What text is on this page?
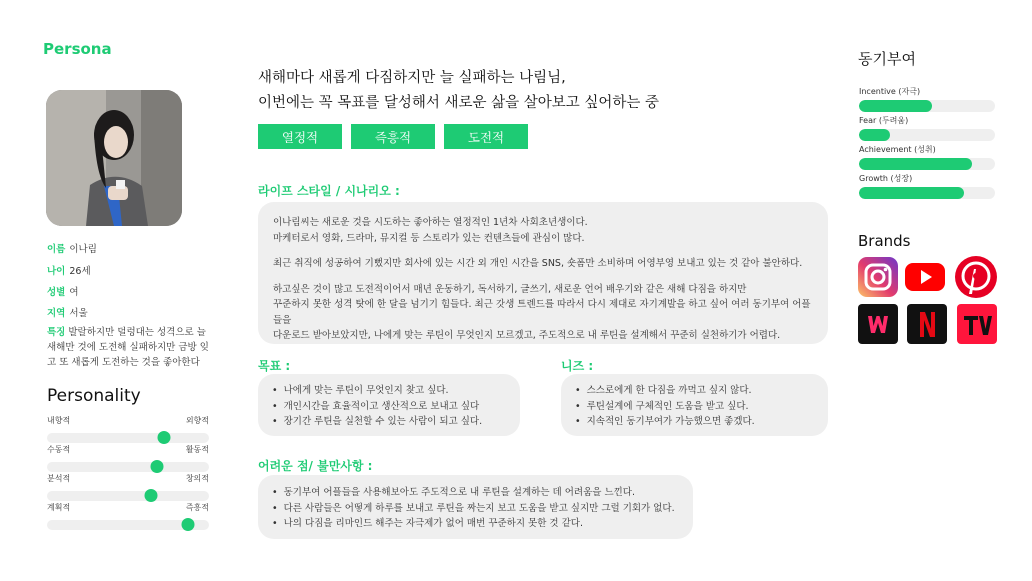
Persona
이름 이나림
나이 26세
성별 여
지역 서울
특징 발랄하지만 덜렁대는 성격으로 늘 새해만 것에 도전해 실패하지만 금방 잊고 또 새롭게 도전하는 것을 좋아한다
Personality
내향적	외향적
수동적	활동적
분석적	창의적
계획적	즉흥적
새해마다 새롭게 다짐하지만 늘 실패하는 나림님,
이번에는 꼭 목표를 달성해서 새로운 삶을 살아보고 싶어하는 중
열정적	즉흥적	도전적
라이프 스타일 / 시나리오 :

이나림씨는 새로운 것을 시도하는 좋아하는 열정적인 1년차 사회초년생이다.
마케터로서 영화, 드라마, 뮤지컬 등 스토리가 있는 컨텐츠들에 관심이 많다.

최근 취직에 성공하여 기뻤지만 회사에 있는 시간 외 개인 시간을 SNS, 숏폼만 소비하며 어영부영 보내고 있는 것 같아 불안하다.

하고싶은 것이 많고 도전적이어서 매년 운동하기, 독서하기, 글쓰기, 새로운 언어 배우기와 같은 새해 다짐을 하지만
꾸준하지 못한 성격 탓에 한 달을 넘기기 힘들다. 최근 갓생 트렌드를 따라서 다시 제대로 자기계발을 하고 싶어 여러 동기부여 어플들을
다운로드 받아보았지만, 나에게 맞는 루틴이 무엇인지 모르겠고, 주도적으로 내 루틴을 설계해서 꾸준히 실천하기가 어렵다.

목표 :
• 나에게 맞는 루틴이 무엇인지 찾고 싶다.
• 개인시간을 효율적이고 생산적으로 보내고 싶다
• 장기간 루틴을 실천할 수 있는 사람이 되고 싶다.
니즈 :
• 스스로에게 한 다짐을 까먹고 싶지 않다.
• 루틴설계에 구체적인 도움을 받고 싶다.
• 지속적인 동기부여가 가능했으면 좋겠다.
어려운 점/ 불만사항 :
• 동기부여 어플들을 사용해보아도 주도적으로 내 루틴을 설계하는 데 어려움을 느낀다.
• 다른 사람들은 어떻게 하루를 보내고 루틴을 짜는지 보고 도움을 받고 싶지만 그럴 기회가 없다.
• 나의 다짐을 리마인드 해주는 자극제가 없어 매번 꾸준하지 못한 것 같다.
동기부여
Incentive (자극)
Fear (두려움)
Achievement (성취)
Growth (성장)
Brands
